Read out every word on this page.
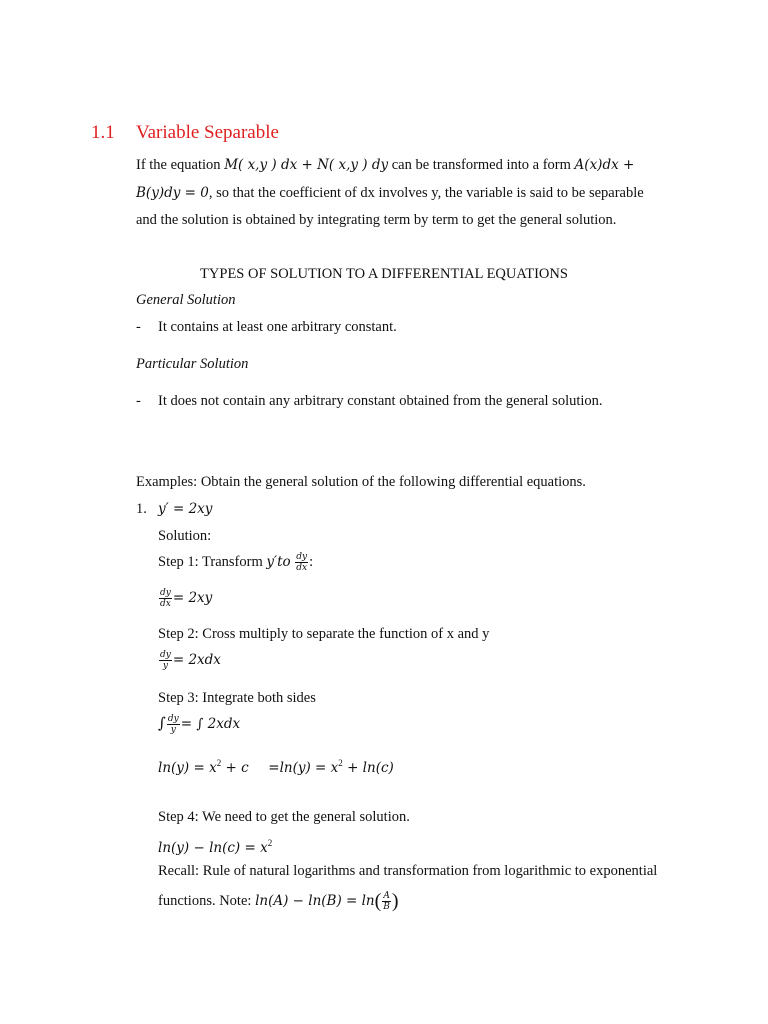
1.1 Variable Separable
If the equation M( x,y ) dx + N( x,y ) dy can be transformed into a form A(x)dx +
B(y)dy = 0, so that the coefficient of dx involves y, the variable is said to be separable
and the solution is obtained by integrating term by term to get the general solution.
TYPES OF SOLUTION TO A DIFFERENTIAL EQUATIONS
General Solution
- It contains at least one arbitrary constant.
Particular Solution
- It does not contain any arbitrary constant obtained from the general solution.
Examples: Obtain the general solution of the following differential equations.
1. y′ = 2xy
Solution:
Step 1: Transform $y'to \frac{dy}{dx}$ :
$\frac{dy}{dx} = 2xy$
Step 2: Cross multiply to separate the function of x and y
$\frac{dy}{y} = 2xdx$
Step 3: Integrate both sides
∫ $\frac{dy}{y}$ = ∫ 2xdx
$\ln(y) = x^2 + c =\ln(y) = x^2 + \ln(c)$
Step 4: We need to get the general solution.
$\ln(y) - \ln(c) = x^2$
Recall: Rule of natural logarithms and transformation from logarithmic to exponential
functions. Note: $\ln(A) - \ln(B) = \ln( \frac{A}{B}$ )
